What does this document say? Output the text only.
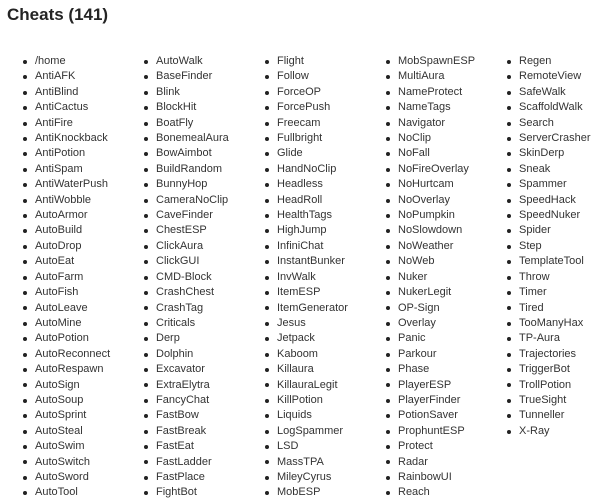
Cheats (141)
/home
AntiAFK
AntiBlind
AntiCactus
AntiFire
AntiKnockback
AntiPotion
AntiSpam
AntiWaterPush
AntiWobble
AutoArmor
AutoBuild
AutoDrop
AutoEat
AutoFarm
AutoFish
AutoLeave
AutoMine
AutoPotion
AutoReconnect
AutoRespawn
AutoSign
AutoSoup
AutoSprint
AutoSteal
AutoSwim
AutoSwitch
AutoSword
AutoTool
AutoWalk
BaseFinder
Blink
BlockHit
BoatFly
BonemealAura
BowAimbot
BuildRandom
BunnyHop
CameraNoClip
CaveFinder
ChestESP
ClickAura
ClickGUI
CMD-Block
CrashChest
CrashTag
Criticals
Derp
Dolphin
Excavator
ExtraElytra
FancyChat
FastBow
FastBreak
FastEat
FastLadder
FastPlace
FightBot
Flight
Follow
ForceOP
ForcePush
Freecam
Fullbright
Glide
HandNoClip
Headless
HeadRoll
HealthTags
HighJump
InfiniChat
InstantBunker
InvWalk
ItemESP
ItemGenerator
Jesus
Jetpack
Kaboom
Killaura
KillauraLegit
KillPotion
Liquids
LogSpammer
LSD
MassTPA
MileyCyrus
MobESP
MobSpawnESP
MultiAura
NameProtect
NameTags
Navigator
NoClip
NoFall
NoFireOverlay
NoHurtcam
NoOverlay
NoPumpkin
NoSlowdown
NoWeather
NoWeb
Nuker
NukerLegit
OP-Sign
Overlay
Panic
Parkour
Phase
PlayerESP
PlayerFinder
PotionSaver
ProphuntESP
Protect
Radar
RainbowUI
Reach
Regen
RemoteView
SafeWalk
ScaffoldWalk
Search
ServerCrasher
SkinDerp
Sneak
Spammer
SpeedHack
SpeedNuker
Spider
Step
TemplateTool
Throw
Timer
Tired
TooManyHax
TP-Aura
Trajectories
TriggerBot
TrollPotion
TrueSight
Tunneller
X-Ray
